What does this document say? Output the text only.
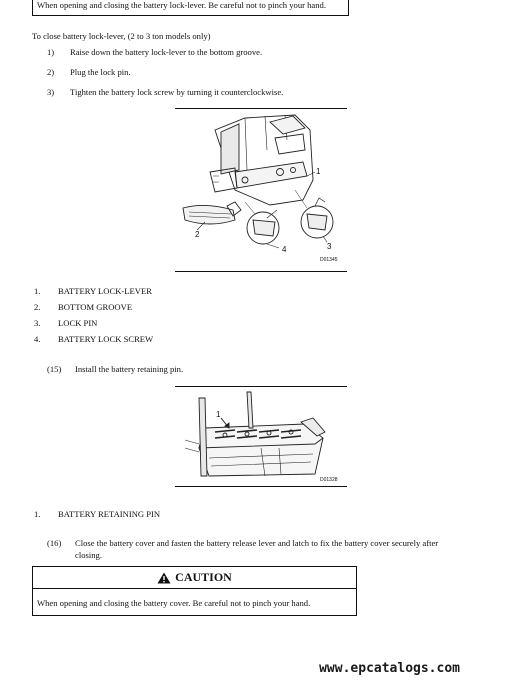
When opening and closing the battery lock-lever. Be careful not to pinch your hand.
To close battery lock-lever, (2 to 3 ton models only)
1) Raise down the battery lock-lever to the bottom groove.
2) Plug the lock pin.
3) Tighten the battery lock screw by turning it counterclockwise.
1
2
3
4
D01345
1. BATTERY LOCK-LEVER
2. BOTTOM GROOVE
3. LOCK PIN
4. BATTERY LOCK SCREW
(15) Install the battery retaining pin.
1
D01328
1. BATTERY RETAINING PIN
(16) Close the battery cover and fasten the battery release lever and latch to fix the battery cover securely after
closing.
CAUTION
When opening and closing the battery cover. Be careful not to pinch your hand.
www.epcatalogs.com
